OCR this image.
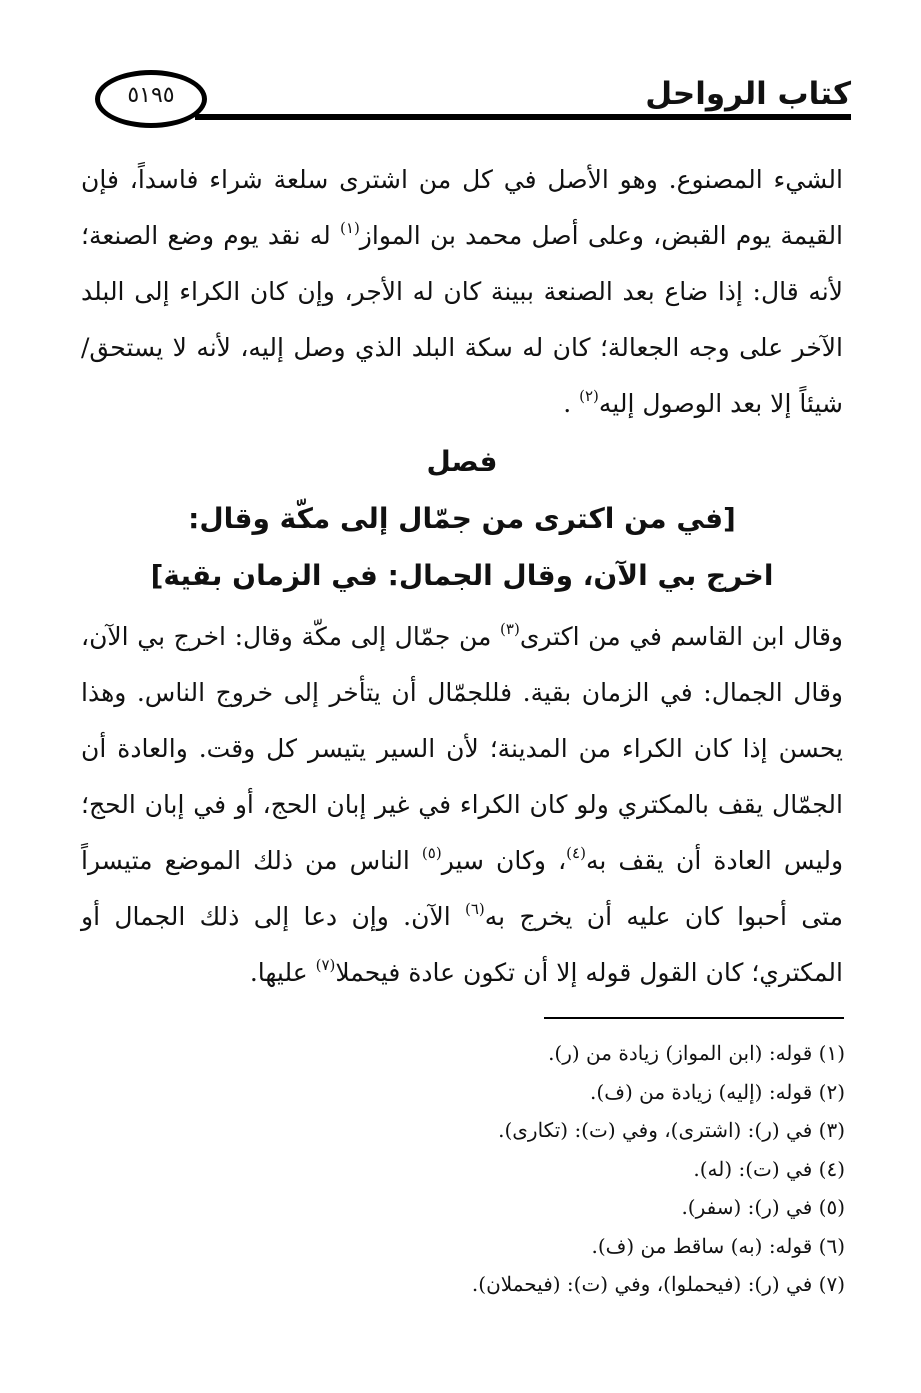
٥١٩٥	كتاب الرواحل

الشيء المصنوع. وهو الأصل في كل من اشترى سلعة شراء فاسداً، فإن القيمة يوم القبض، وعلى أصل محمد بن المواز$^{(١)}$ له نقد يوم وضع الصنعة؛ لأنه قال: إذا ضاع بعد الصنعة ببينة كان له الأجر، وإن كان الكراء إلى البلد الآخر على وجه الجعالة؛ كان له سكة البلد الذي وصل إليه، لأنه لا يستحق/ شيئاً إلا بعد الوصول إليه$^{(٢)}$ .

فصل
[في من اكترى من جمّال إلى مكّة وقال:
اخرج بي الآن، وقال الجمال: في الزمان بقية]

وقال ابن القاسم في من اكترى$^{(٣)}$ من جمّال إلى مكّة وقال: اخرج بي الآن، وقال الجمال: في الزمان بقية. فللجمّال أن يتأخر إلى خروج الناس. وهذا يحسن إذا كان الكراء من المدينة؛ لأن السير يتيسر كل وقت. والعادة أن الجمّال يقف بالمكتري ولو كان الكراء في غير إبان الحج، أو في إبان الحج؛ وليس العادة أن يقف به$^{(٤)}$، وكان سير$^{(٥)}$ الناس من ذلك الموضع متيسراً متى أحبوا كان عليه أن يخرج به$^{(٦)}$ الآن. وإن دعا إلى ذلك الجمال أو المكتري؛ كان القول قوله إلا أن تكون عادة فيحملا$^{(٧)}$ عليها.

(١) قوله: (ابن المواز) زيادة من (ر).
(٢) قوله: (إليه) زيادة من (ف).
(٣) في (ر): (اشترى)، وفي (ت): (تكارى).
(٤) في (ت): (له).
(٥) في (ر): (سفر).
(٦) قوله: (به) ساقط من (ف).
(٧) في (ر): (فيحملوا)، وفي (ت): (فيحملان).
